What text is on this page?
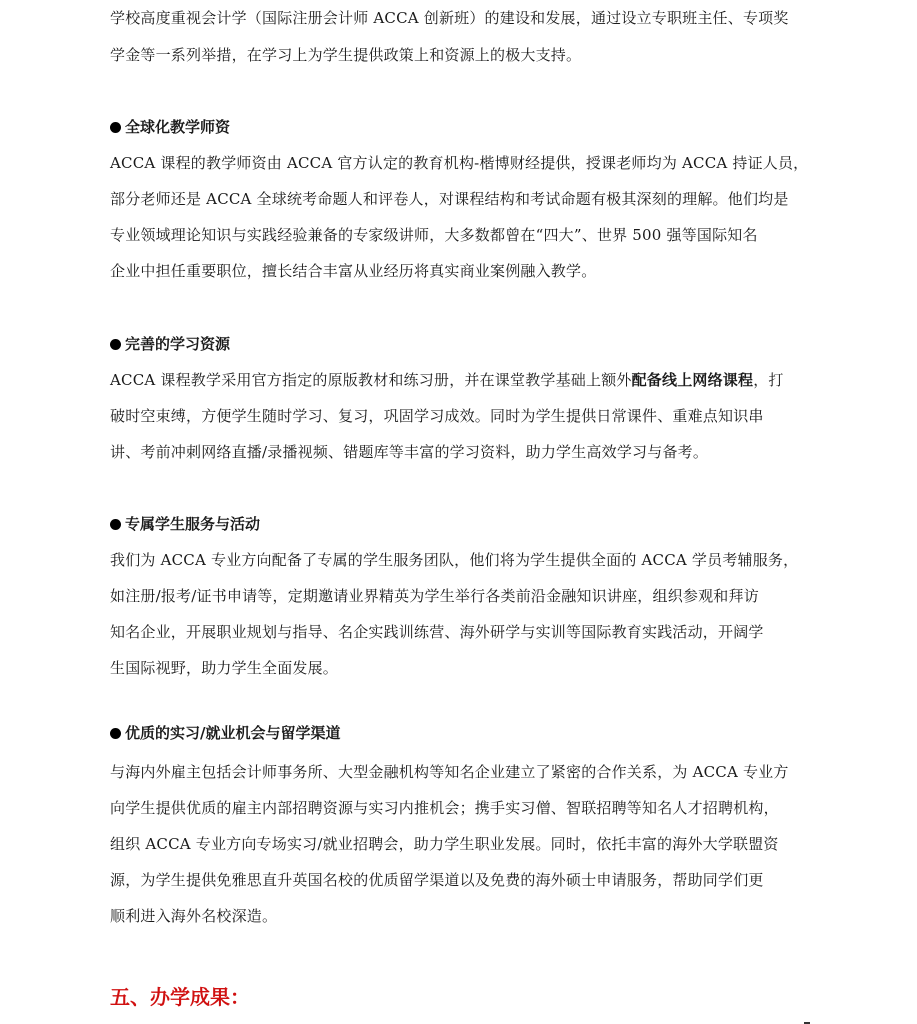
学校高度重视会计学（国际注册会计师 ACCA 创新班）的建设和发展，通过设立专职班主任、专项奖
学金等一系列举措，在学习上为学生提供政策上和资源上的极大支持。
全球化教学师资
ACCA 课程的教学师资由 ACCA 官方认定的教育机构-楷博财经提供，授课老师均为 ACCA 持证人员，
部分老师还是 ACCA 全球统考命题人和评卷人，对课程结构和考试命题有极其深刻的理解。他们均是
专业领域理论知识与实践经验兼备的专家级讲师，大多数都曾在“四大”、世界 500 强等国际知名
企业中担任重要职位，擅长结合丰富从业经历将真实商业案例融入教学。
完善的学习资源
ACCA 课程教学采用官方指定的原版教材和练习册，并在课堂教学基础上额外配备线上网络课程，打
破时空束缚，方便学生随时学习、复习，巩固学习成效。同时为学生提供日常课件、重难点知识串
讲、考前冲刺网络直播/录播视频、错题库等丰富的学习资料，助力学生高效学习与备考。
专属学生服务与活动
我们为 ACCA 专业方向配备了专属的学生服务团队，他们将为学生提供全面的 ACCA 学员考辅服务，
如注册/报考/证书申请等，定期邀请业界精英为学生举行各类前沿金融知识讲座，组织参观和拜访
知名企业，开展职业规划与指导、名企实践训练营、海外研学与实训等国际教育实践活动，开阔学
生国际视野，助力学生全面发展。
优质的实习/就业机会与留学渠道
与海内外雇主包括会计师事务所、大型金融机构等知名企业建立了紧密的合作关系，为 ACCA 专业方
向学生提供优质的雇主内部招聘资源与实习内推机会；携手实习僧、智联招聘等知名人才招聘机构，
组织 ACCA 专业方向专场实习/就业招聘会，助力学生职业发展。同时，依托丰富的海外大学联盟资
源，为学生提供免雅思直升英国名校的优质留学渠道以及免费的海外硕士申请服务，帮助同学们更
顺利进入海外名校深造。
五、办学成果：
